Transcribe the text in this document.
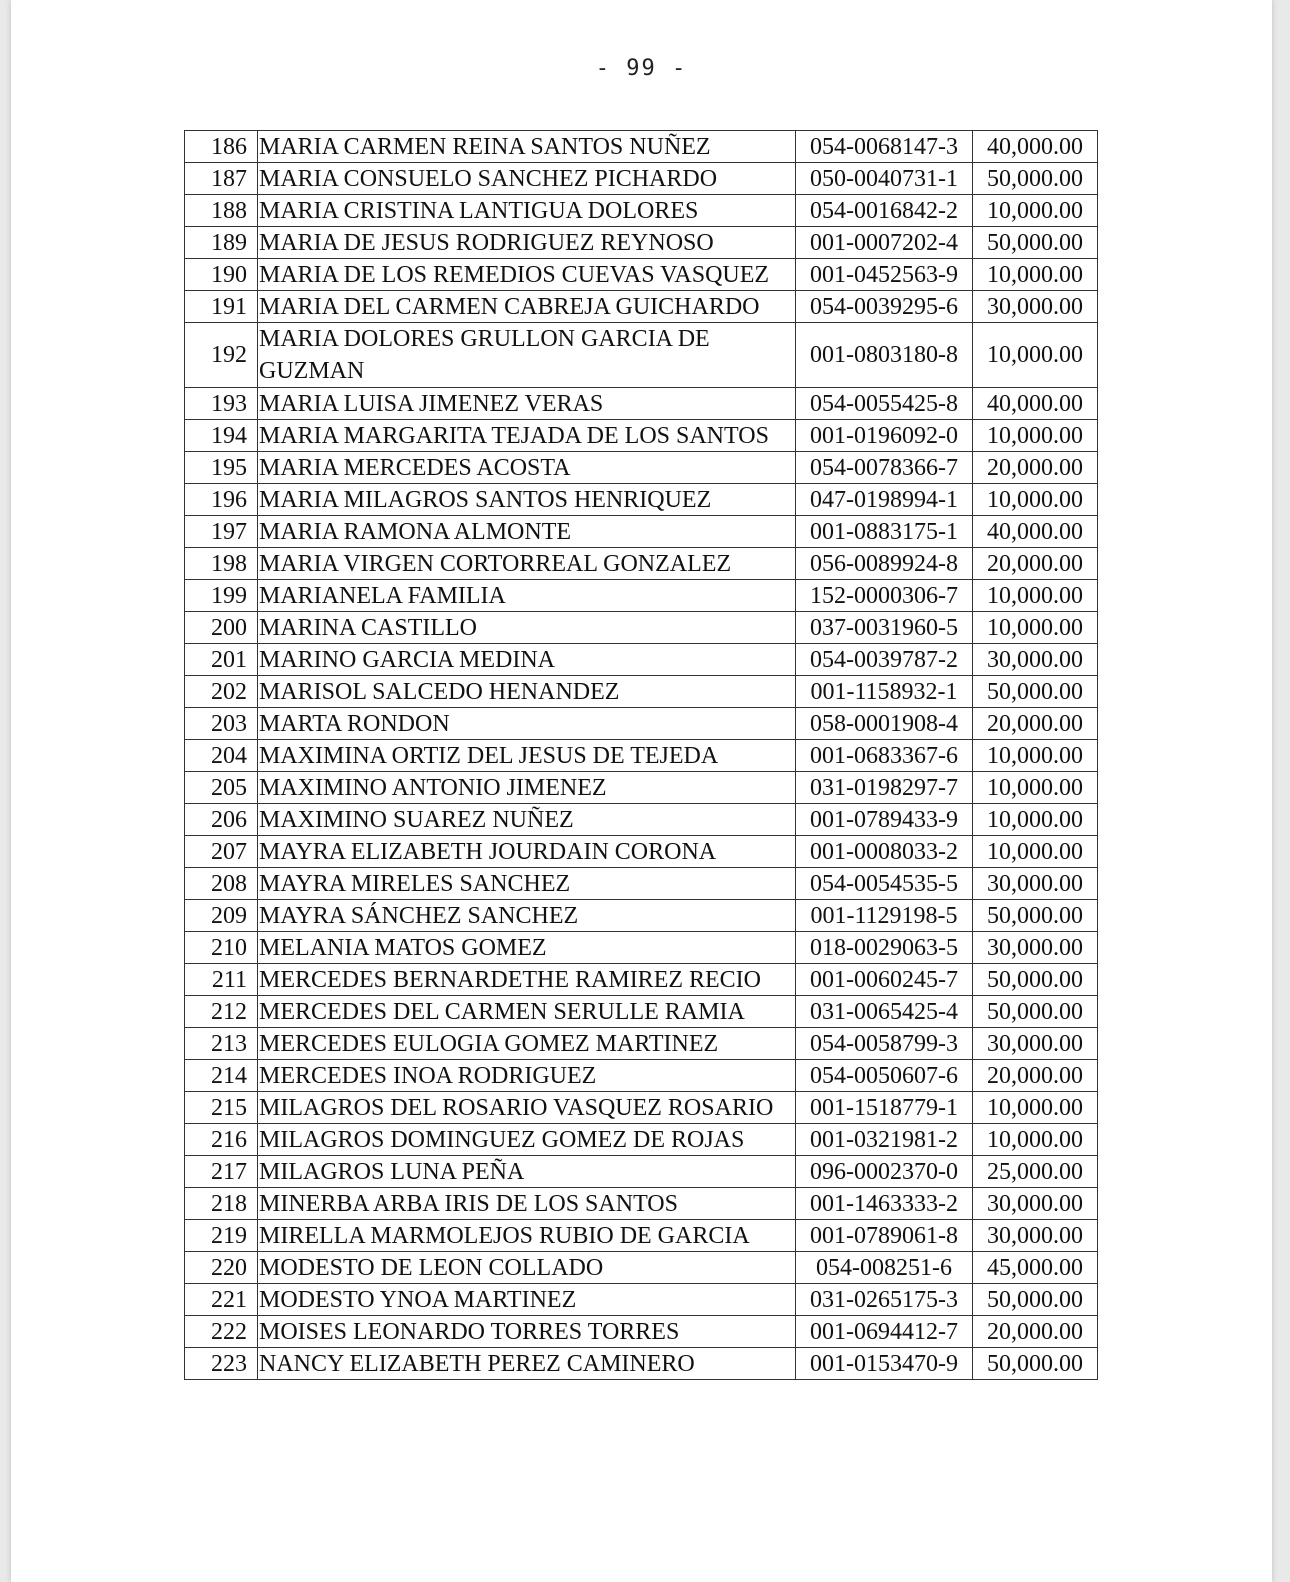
- 99 -
186	MARIA CARMEN REINA SANTOS NUÑEZ	054-0068147-3	40,000.00
187	MARIA CONSUELO SANCHEZ PICHARDO	050-0040731-1	50,000.00
188	MARIA CRISTINA LANTIGUA DOLORES	054-0016842-2	10,000.00
189	MARIA DE JESUS RODRIGUEZ REYNOSO	001-0007202-4	50,000.00
190	MARIA DE LOS REMEDIOS CUEVAS VASQUEZ	001-0452563-9	10,000.00
191	MARIA DEL CARMEN CABREJA GUICHARDO	054-0039295-6	30,000.00
192	MARIA DOLORES GRULLON GARCIA DE GUZMAN	001-0803180-8	10,000.00
193	MARIA LUISA JIMENEZ VERAS	054-0055425-8	40,000.00
194	MARIA MARGARITA TEJADA DE LOS SANTOS	001-0196092-0	10,000.00
195	MARIA MERCEDES ACOSTA	054-0078366-7	20,000.00
196	MARIA MILAGROS SANTOS HENRIQUEZ	047-0198994-1	10,000.00
197	MARIA RAMONA ALMONTE	001-0883175-1	40,000.00
198	MARIA VIRGEN CORTORREAL GONZALEZ	056-0089924-8	20,000.00
199	MARIANELA FAMILIA	152-0000306-7	10,000.00
200	MARINA CASTILLO	037-0031960-5	10,000.00
201	MARINO GARCIA MEDINA	054-0039787-2	30,000.00
202	MARISOL SALCEDO HENANDEZ	001-1158932-1	50,000.00
203	MARTA RONDON	058-0001908-4	20,000.00
204	MAXIMINA ORTIZ DEL JESUS DE TEJEDA	001-0683367-6	10,000.00
205	MAXIMINO ANTONIO JIMENEZ	031-0198297-7	10,000.00
206	MAXIMINO SUAREZ NUÑEZ	001-0789433-9	10,000.00
207	MAYRA ELIZABETH JOURDAIN CORONA	001-0008033-2	10,000.00
208	MAYRA MIRELES SANCHEZ	054-0054535-5	30,000.00
209	MAYRA SÁNCHEZ SANCHEZ	001-1129198-5	50,000.00
210	MELANIA MATOS GOMEZ	018-0029063-5	30,000.00
211	MERCEDES BERNARDETHE RAMIREZ RECIO	001-0060245-7	50,000.00
212	MERCEDES DEL CARMEN SERULLE RAMIA	031-0065425-4	50,000.00
213	MERCEDES EULOGIA GOMEZ MARTINEZ	054-0058799-3	30,000.00
214	MERCEDES INOA RODRIGUEZ	054-0050607-6	20,000.00
215	MILAGROS DEL ROSARIO VASQUEZ ROSARIO	001-1518779-1	10,000.00
216	MILAGROS DOMINGUEZ GOMEZ DE ROJAS	001-0321981-2	10,000.00
217	MILAGROS LUNA PEÑA	096-0002370-0	25,000.00
218	MINERBA ARBA IRIS DE LOS SANTOS	001-1463333-2	30,000.00
219	MIRELLA MARMOLEJOS RUBIO DE GARCIA	001-0789061-8	30,000.00
220	MODESTO DE LEON COLLADO	054-008251-6	45,000.00
221	MODESTO YNOA MARTINEZ	031-0265175-3	50,000.00
222	MOISES LEONARDO TORRES TORRES	001-0694412-7	20,000.00
223	NANCY ELIZABETH PEREZ CAMINERO	001-0153470-9	50,000.00
